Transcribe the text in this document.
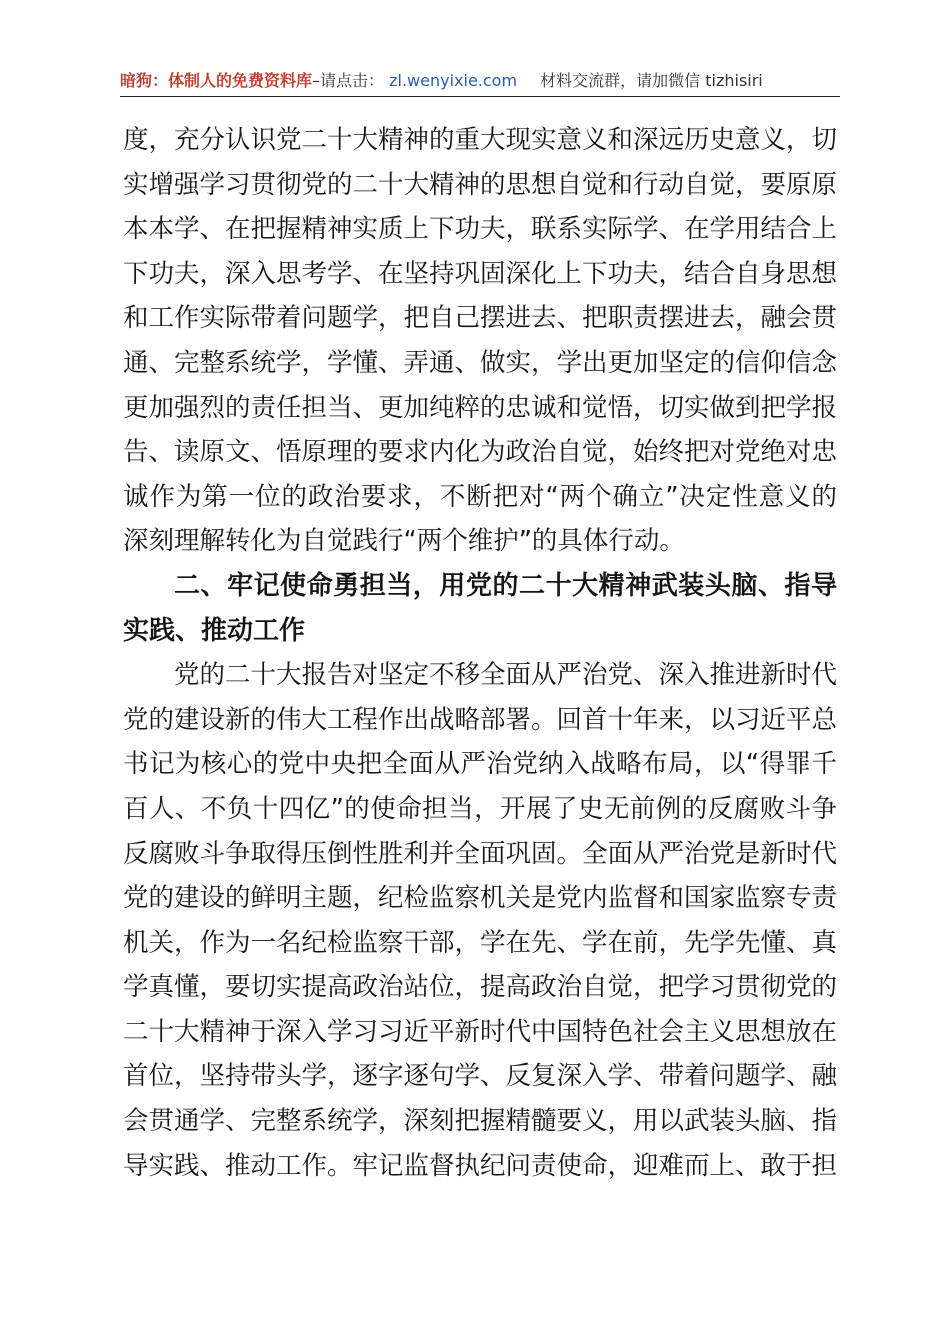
暗狗：体制人的免费资料库–请点击： zl.wenyixie.com 材料交流群，请加微信 tizhisiri
度，充分认识党二十大精神的重大现实意义和深远历史意义，切
实增强学习贯彻党的二十大精神的思想自觉和行动自觉，要原原
本本学、在把握精神实质上下功夫，联系实际学、在学用结合上
下功夫，深入思考学、在坚持巩固深化上下功夫，结合自身思想
和工作实际带着问题学，把自己摆进去、把职责摆进去，融会贯
通、完整系统学，学懂、弄通、做实，学出更加坚定的信仰信念
更加强烈的责任担当、更加纯粹的忠诚和觉悟，切实做到把学报
告、读原文、悟原理的要求内化为政治自觉，始终把对党绝对忠
诚作为第一位的政治要求，不断把对“两个确立”决定性意义的
深刻理解转化为自觉践行“两个维护”的具体行动。
二、牢记使命勇担当，用党的二十大精神武装头脑、指导
实践、推动工作
党的二十大报告对坚定不移全面从严治党、深入推进新时代
党的建设新的伟大工程作出战略部署。回首十年来，以习近平总
书记为核心的党中央把全面从严治党纳入战略布局，以“得罪千
百人、不负十四亿”的使命担当，开展了史无前例的反腐败斗争
反腐败斗争取得压倒性胜利并全面巩固。全面从严治党是新时代
党的建设的鲜明主题，纪检监察机关是党内监督和国家监察专责
机关，作为一名纪检监察干部，学在先、学在前，先学先懂、真
学真懂，要切实提高政治站位，提高政治自觉，把学习贯彻党的
二十大精神于深入学习习近平新时代中国特色社会主义思想放在
首位，坚持带头学，逐字逐句学、反复深入学、带着问题学、融
会贯通学、完整系统学，深刻把握精髓要义，用以武装头脑、指
导实践、推动工作。牢记监督执纪问责使命，迎难而上、敢于担
